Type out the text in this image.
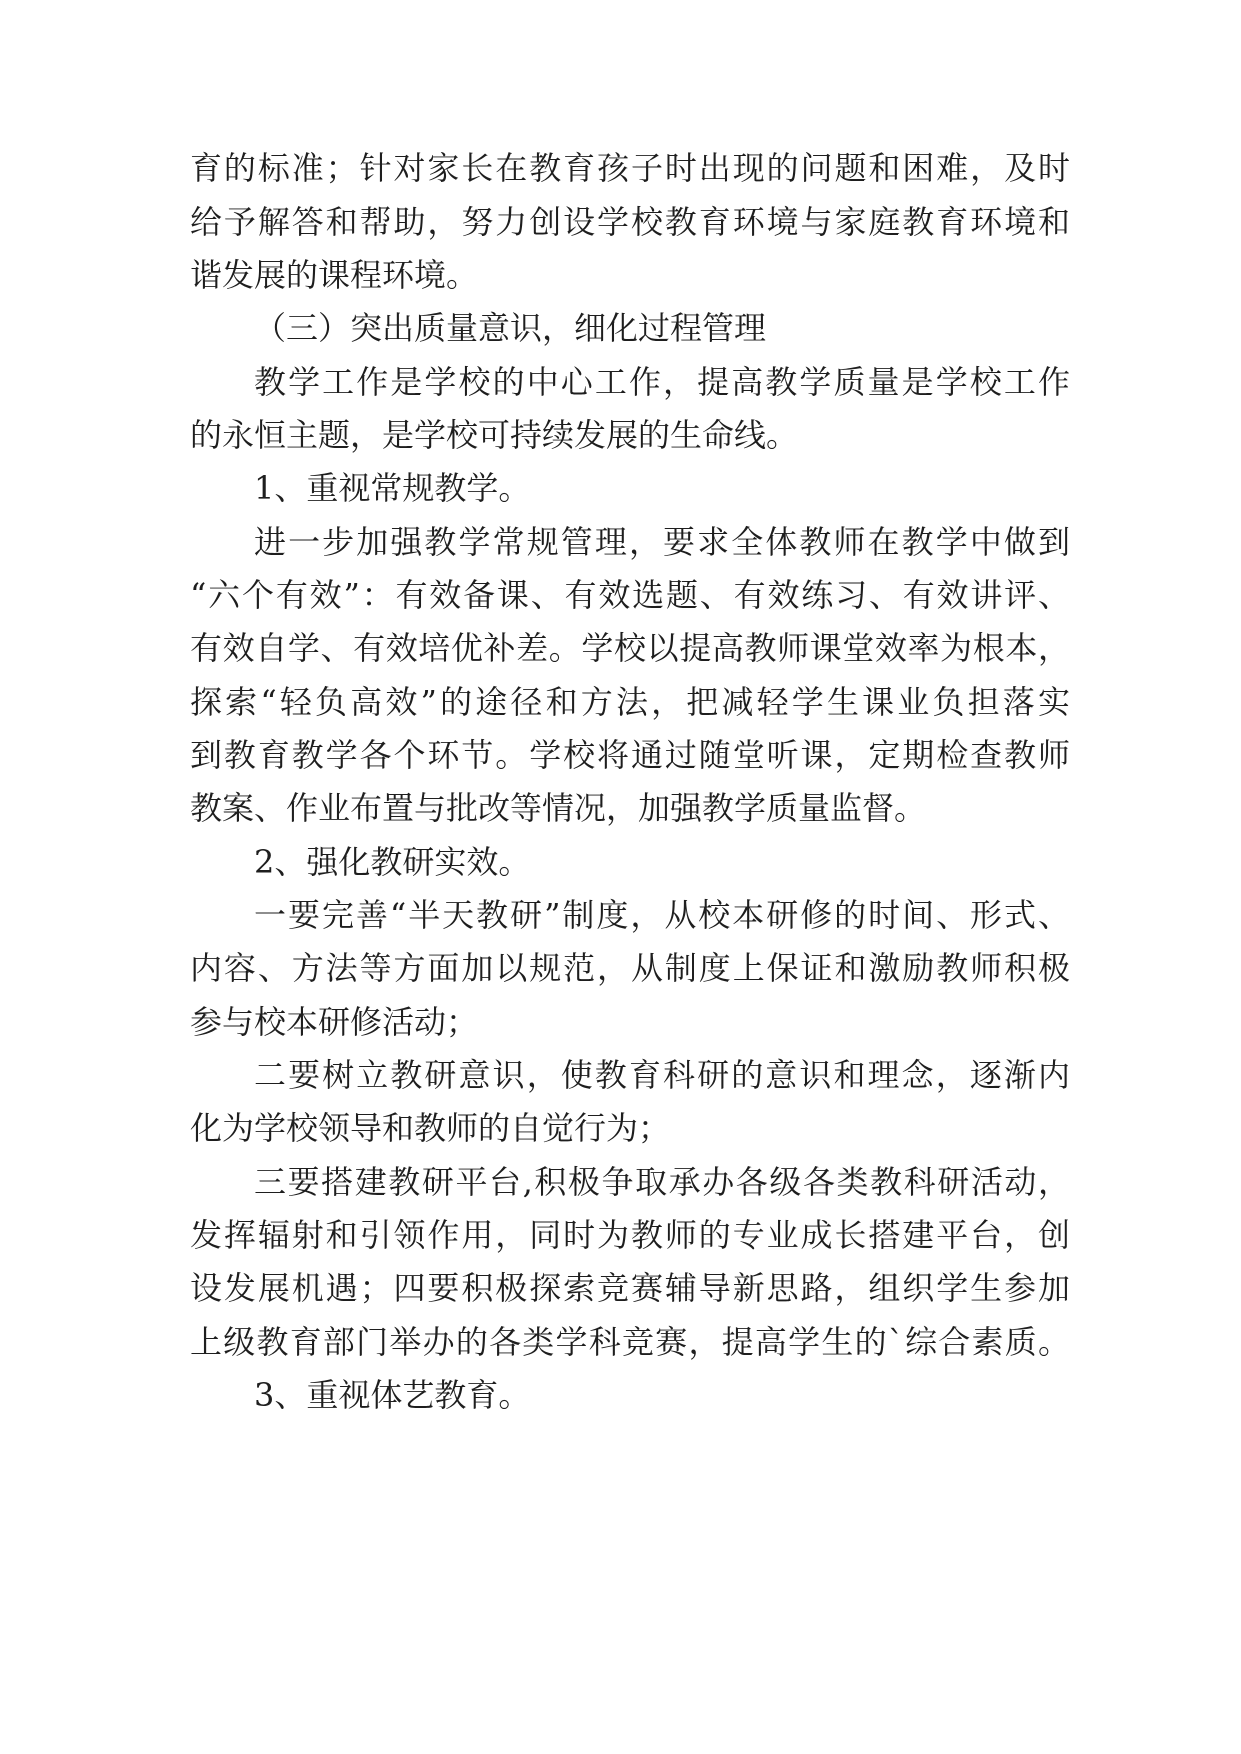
育的标准；针对家长在教育孩子时出现的问题和困难，及时
给予解答和帮助，努力创设学校教育环境与家庭教育环境和
谐发展的课程环境。
（三）突出质量意识，细化过程管理
教学工作是学校的中心工作，提高教学质量是学校工作
的永恒主题，是学校可持续发展的生命线。
1、重视常规教学。
进一步加强教学常规管理，要求全体教师在教学中做到
“六个有效”：有效备课、有效选题、有效练习、有效讲评、
有效自学、有效培优补差。学校以提高教师课堂效率为根本，
探索“轻负高效”的途径和方法，把减轻学生课业负担落实
到教育教学各个环节。学校将通过随堂听课，定期检查教师
教案、作业布置与批改等情况，加强教学质量监督。
2、强化教研实效。
一要完善“半天教研”制度，从校本研修的时间、形式、
内容、方法等方面加以规范，从制度上保证和激励教师积极
参与校本研修活动；
二要树立教研意识，使教育科研的意识和理念，逐渐内
化为学校领导和教师的自觉行为；
三要搭建教研平台,积极争取承办各级各类教科研活动，
发挥辐射和引领作用，同时为教师的专业成长搭建平台，创
设发展机遇；四要积极探索竞赛辅导新思路，组织学生参加
上级教育部门举办的各类学科竞赛，提高学生的`综合素质。
3、重视体艺教育。
